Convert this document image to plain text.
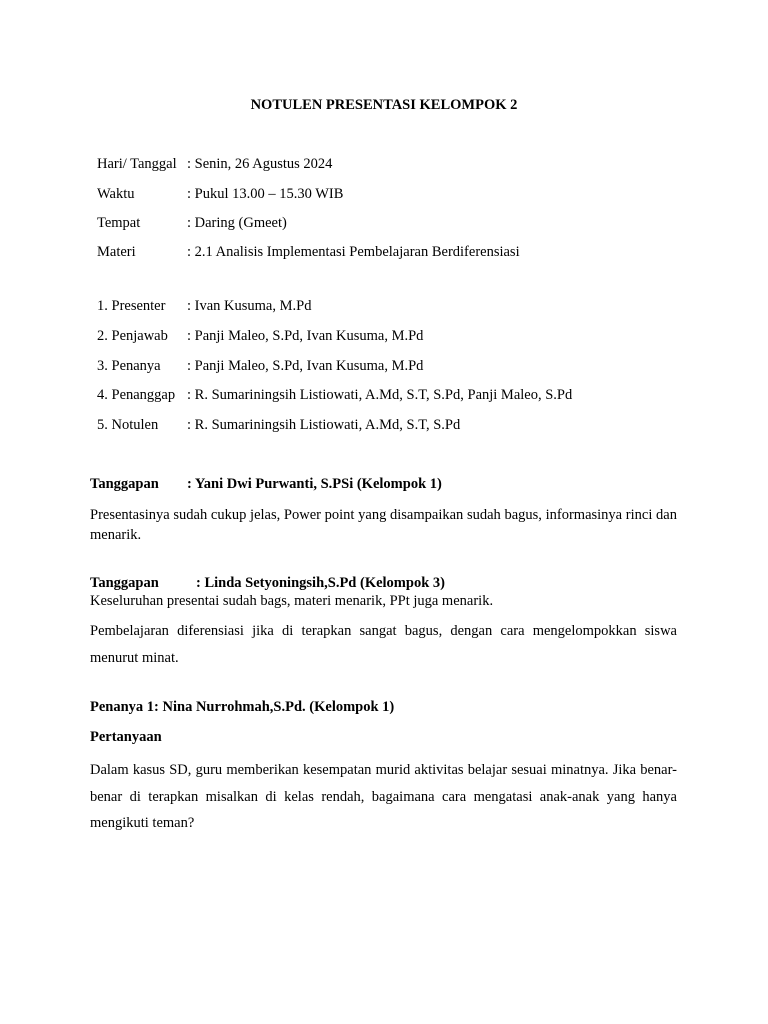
NOTULEN PRESENTASI KELOMPOK 2
Hari/ Tanggal : Senin, 26 Agustus 2024
Waktu	: Pukul 13.00 – 15.30 WIB
Tempat	: Daring (Gmeet)
Materi	: 2.1 Analisis Implementasi Pembelajaran Berdiferensiasi
1. Presenter : Ivan Kusuma, M.Pd
2. Penjawab : Panji Maleo, S.Pd, Ivan Kusuma, M.Pd
3. Penanya : Panji Maleo, S.Pd, Ivan Kusuma, M.Pd
4. Penanggap : R. Sumariningsih Listiowati, A.Md, S.T, S.Pd, Panji Maleo, S.Pd
5. Notulen : R. Sumariningsih Listiowati, A.Md, S.T, S.Pd
Tanggapan : Yani Dwi Purwanti, S.PSi (Kelompok 1)
Presentasinya sudah cukup jelas, Power point yang disampaikan sudah bagus, informasinya rinci dan menarik.
Tanggapan	: Linda Setyoningsih,S.Pd (Kelompok 3)
Keseluruhan presentai sudah bags, materi menarik, PPt juga menarik.
Pembelajaran diferensiasi jika di terapkan sangat bagus, dengan cara mengelompokkan siswa menurut minat.
Penanya 1: Nina Nurrohmah,S.Pd. (Kelompok 1)
Pertanyaan
Dalam kasus SD, guru memberikan kesempatan murid aktivitas belajar sesuai minatnya. Jika benar-benar di terapkan misalkan di kelas rendah, bagaimana cara mengatasi anak-anak yang hanya mengikuti teman?
